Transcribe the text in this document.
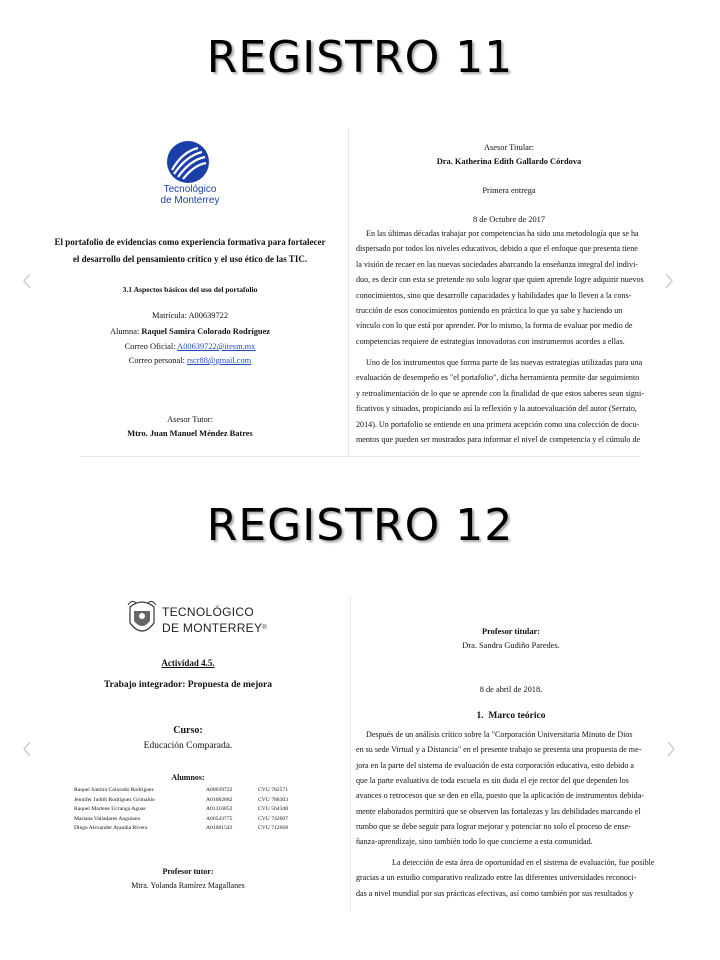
REGISTRO 11
Tecnológico
de Monterrey
El portafolio de evidencias como experiencia formativa para fortalecer
el desarrollo del pensamiento crítico y el uso ético de las TIC.
3.1 Aspectos básicos del uso del portafolio
Matrícula: A00639722
Alumna: Raquel Samira Colorado Rodríguez
Correo Oficial: A00639722@itesm.mx
Correo personal: rscr88@gmail.com
Asesor Tutor:
Mtro. Juan Manuel Méndez Batres
Asesor Titular:
Dra. Katherina Edith Gallardo Córdova
Primera entrega
8 de Octubre de 2017
En las últimas décadas trabajar por competencias ha sido una metodología que se ha
dispersado por todos los niveles educativos, debido a que el enfoque que presenta tiene
la visión de recaer en las nuevas sociedades abarcando la enseñanza integral del indivi-
duo, es decir con esta se pretende no solo lograr que quien aprende logre adquirir nuevos
conocimientos, sino que desarrolle capacidades y habilidades que lo lleven a la cons-
trucción de esos conocimientos poniendo en práctica lo que ya sabe y haciendo un
vínculo con lo que está por aprender. Por lo mismo, la forma de evaluar por medio de
competencias requiere de estrategias innovadoras con instrumentos acordes a ellas.
Uno de los instrumentos que forma parte de las nuevas estrategias utilizadas para una
evaluación de desempeño es "el portafolio", dicha herramienta permite dar seguimiento
y retroalimentación de lo que se aprende con la finalidad de que estos saberes sean signi-
ficativos y situados, propiciando así la reflexión y la autoevaluación del autor (Serrato,
2014). Un portafolio se entiende en una primera acepción como una colección de docu-
mentos que pueden ser mostrados para informar el nivel de competencia y el cúmulo de
REGISTRO 12
TECNOLÓGICO
DE MONTERREY®
Actividad 4.5.
Trabajo integrador: Propuesta de mejora
Curso:
Educación Comparada.
Alumnos:
Raquel Samira Colorado Rodríguez	A00639722	CVU 782571
Jennifer Judith Rodríguez Grimaldo	A01682882	CVU 788303
Raquel Marlene Ucranga Aguas	A01316853	CVU 564348
Mariana Valladares Anguiano	A00543775	CVU 742007
Diego Alexander Arandia Rivera	A01681543	CVU 712668
Profesor tutor:
Mtra. Yolanda Ramírez Magallanes
Profesor titular:
Dra. Sandra Gudiño Paredes.
8 de abril de 2018.
1. Marco teórico
Después de un análisis crítico sobre la "Corporación Universitaria Minuto de Dios
en su sede Virtual y a Distancia" en el presente trabajo se presenta una propuesta de me-
jora en la parte del sistema de evaluación de esta corporación educativa, esto debido a
que la parte evaluativa de toda escuela es sin duda el eje rector del que dependen los
avances o retrocesos que se den en ella, puesto que la aplicación de instrumentos debida-
mente elaborados permitirá que se observen las fortalezas y las debilidades marcando el
rumbo que se debe seguir para lograr mejorar y potenciar no solo el proceso de ense-
ñanza-aprendizaje, sino también todo lo que concierne a esta comunidad.
La detección de esta área de oportunidad en el sistema de evaluación, fue posible
gracias a un estudio comparativo realizado entre las diferentes universidades reconoci-
das a nivel mundial por sus prácticas efectivas, así como también por sus resultados y
